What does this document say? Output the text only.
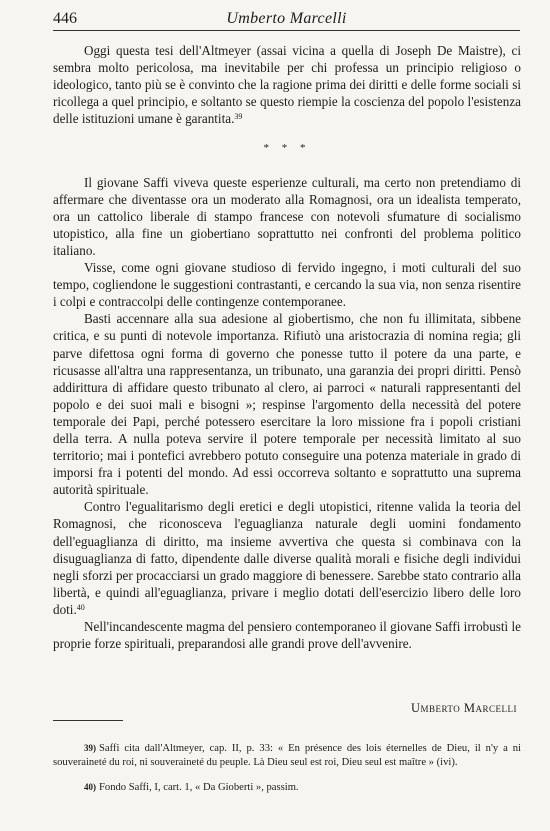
446	Umberto Marcelli

Oggi questa tesi dell'Altmeyer (assai vicina a quella di Joseph De Maistre), ci sembra molto pericolosa, ma inevitabile per chi professa un principio religioso o ideologico, tanto più se è convinto che la ragione prima dei diritti e delle forme sociali si ricollega a quel principio, e soltanto se questo riempie la coscienza del popolo l'esistenza delle istituzioni umane è garantita.$^{39}$

* * *

Il giovane Saffi viveva queste esperienze culturali, ma certo non pretendiamo di affermare che diventasse ora un moderato alla Romagnosi, ora un idealista temperato, ora un cattolico liberale di stampo francese con notevoli sfumature di socialismo utopistico, alla fine un giobertiano soprattutto nei confronti del problema politico italiano.

Visse, come ogni giovane studioso di fervido ingegno, i moti culturali del suo tempo, cogliendone le suggestioni contrastanti, e cercando la sua via, non senza risentire i colpi e contraccolpi delle contingenze contemporanee.

Basti accennare alla sua adesione al giobertismo, che non fu illimitata, sibbene critica, e su punti di notevole importanza. Rifiutò una aristocrazia di nomina regia; gli parve difettosa ogni forma di governo che ponesse tutto il potere da una parte, e ricusasse all'altra una rappresentanza, un tribunato, una garanzia dei propri diritti. Pensò addirittura di affidare questo tribunato al clero, ai parroci « naturali rappresentanti del popolo e dei suoi mali e bisogni »; respinse l'argomento della necessità del potere temporale dei Papi, perché potessero esercitare la loro missione fra i popoli cristiani della terra. A nulla poteva servire il potere temporale per necessità limitato al suo territorio; mai i pontefici avrebbero potuto conseguire una potenza materiale in grado di imporsi fra i potenti del mondo. Ad essi occorreva soltanto e soprattutto una suprema autorità spirituale.

Contro l'egualitarismo degli eretici e degli utopistici, ritenne valida la teoria del Romagnosi, che riconosceva l'eguaglianza naturale degli uomini fondamento dell'eguaglianza di diritto, ma insieme avvertiva che questa si combinava con la disuguaglianza di fatto, dipendente dalle diverse qualità morali e fisiche degli individui negli sforzi per procacciarsi un grado maggiore di benessere. Sarebbe stato contrario alla libertà, e quindi all'eguaglianza, privare i meglio dotati dell'esercizio libero delle loro doti.$^{40}$

Nell'incandescente magma del pensiero contemporaneo il giovane Saffi irrobustì le proprie forze spirituali, preparandosi alle grandi prove dell'avvenire.

Umberto Marcelli

39) Saffi cita dall'Altmeyer, cap. II, p. 33: « En présence des lois éternelles de Dieu, il n'y a ni souveraineté du roi, ni souveraineté du peuple. Là Dieu seul est roi, Dieu seul est maître » (ivi).

40) Fondo Saffi, I, cart. 1, « Da Gioberti », passim.
